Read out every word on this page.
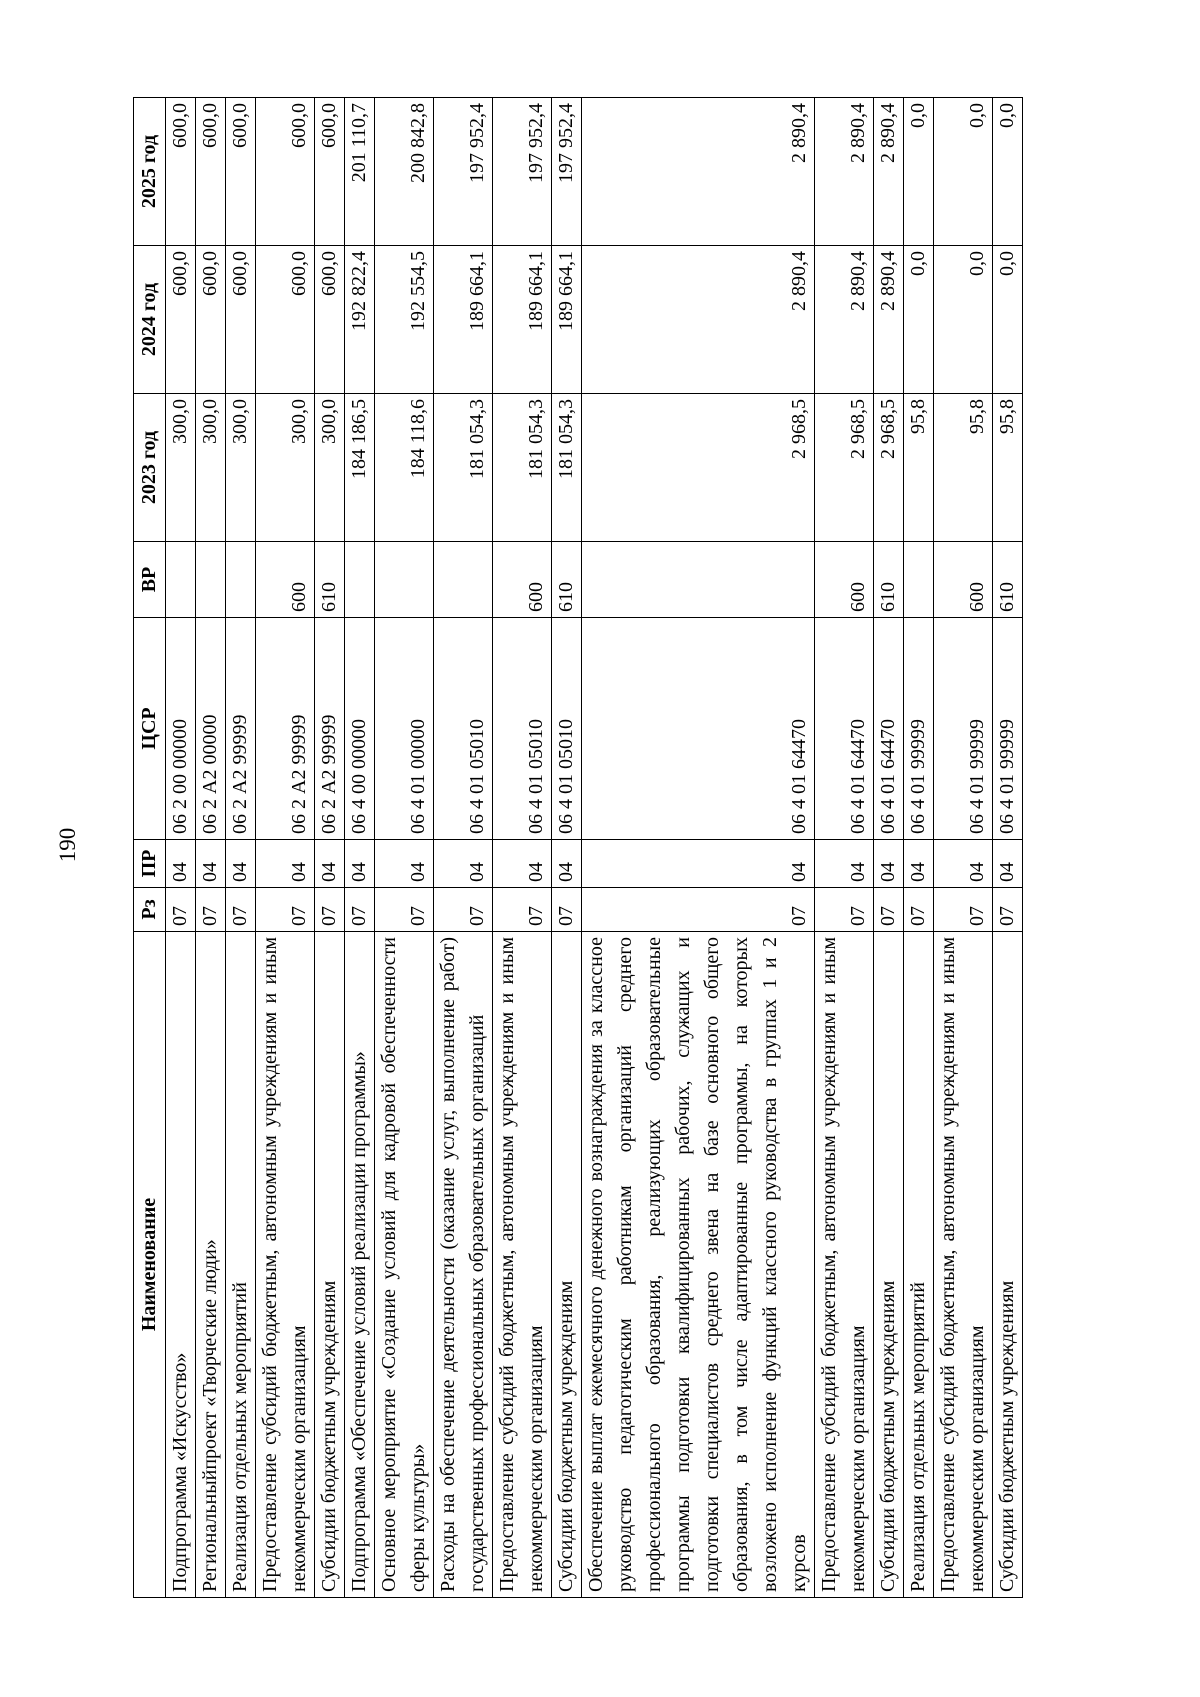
190
Наименование	Рз	ПР	ЦСР	ВР	2023 год	2024 год	2025 год
Подпрограмма «Искусство»	07	04	06 2 00 00000		300,0	600,0	600,0
Региональныйпроект «Творческие люди»	07	04	06 2 А2 00000		300,0	600,0	600,0
Реализация отдельных мероприятий	07	04	06 2 А2 99999		300,0	600,0	600,0
Предоставление субсидий бюджетным, автономным учреждениям и иным некоммерческим организациям	07	04	06 2 А2 99999	600	300,0	600,0	600,0
Субсидии бюджетным учреждениям	07	04	06 2 А2 99999	610	300,0	600,0	600,0
Подпрограмма «Обеспечение условий реализации программы»	07	04	06 4 00 00000		184 186,5	192 822,4	201 110,7
Основное мероприятие «Создание условий для кадровой обеспеченности сферы культуры»	07	04	06 4 01 00000		184 118,6	192 554,5	200 842,8
Расходы на обеспечение деятельности (оказание услуг, выполнение работ) государственных профессиональных образовательных организаций	07	04	06 4 01 05010		181 054,3	189 664,1	197 952,4
Предоставление субсидий бюджетным, автономным учреждениям и иным некоммерческим организациям	07	04	06 4 01 05010	600	181 054,3	189 664,1	197 952,4
Субсидии бюджетным учреждениям	07	04	06 4 01 05010	610	181 054,3	189 664,1	197 952,4
Обеспечение выплат ежемесячного денежного вознаграждения за классное руководство педагогическим работникам организаций среднего профессионального образования, реализующих образовательные программы подготовки квалифицированных рабочих, служащих и подготовки специалистов среднего звена на базе основного общего образования, в том числе адаптированные программы, на которых возложено исполнение функций классного руководства в группах 1 и 2 курсов	07	04	06 4 01 64470		2 968,5	2 890,4	2 890,4
Предоставление субсидий бюджетным, автономным учреждениям и иным некоммерческим организациям	07	04	06 4 01 64470	600	2 968,5	2 890,4	2 890,4
Субсидии бюджетным учреждениям	07	04	06 4 01 64470	610	2 968,5	2 890,4	2 890,4
Реализация отдельных мероприятий	07	04	06 4 01 99999		95,8	0,0	0,0
Предоставление субсидий бюджетным, автономным учреждениям и иным некоммерческим организациям	07	04	06 4 01 99999	600	95,8	0,0	0,0
Субсидии бюджетным учреждениям	07	04	06 4 01 99999	610	95,8	0,0	0,0
